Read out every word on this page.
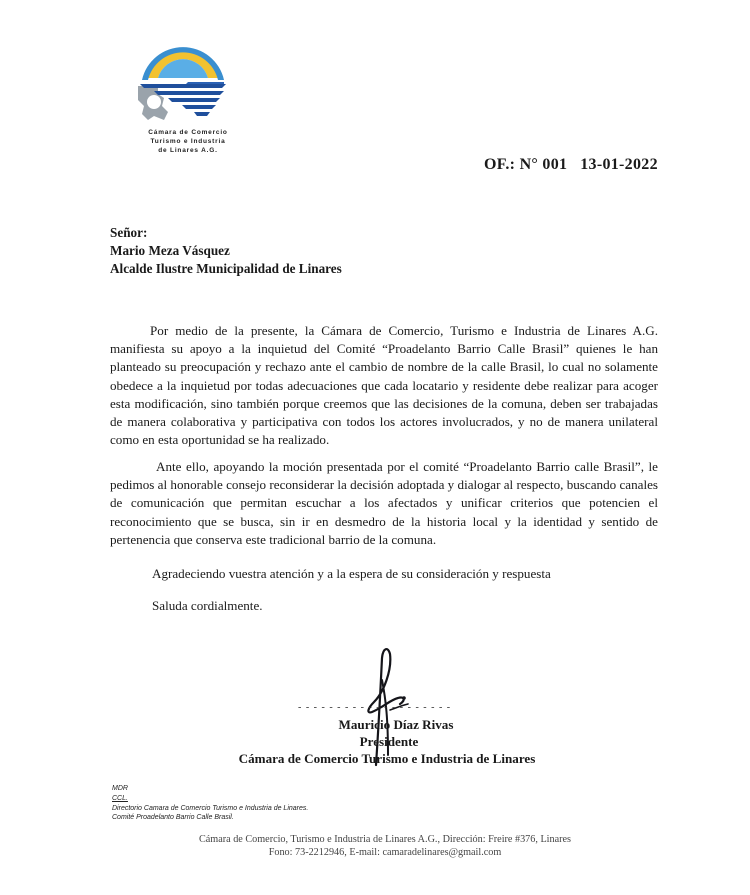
Cámara de Comercio
Turismo e Industria
de Linares A.G.
OF.: N° 001   13-01-2022
Señor:
Mario Meza Vásquez
Alcalde Ilustre Municipalidad de Linares
Por medio de la presente, la Cámara de Comercio, Turismo e Industria de Linares A.G. manifiesta su apoyo a la inquietud del Comité “Proadelanto Barrio Calle Brasil” quienes le han planteado su preocupación y rechazo ante el cambio de nombre de la calle Brasil, lo cual no solamente obedece a la inquietud por todas adecuaciones que cada locatario y residente debe realizar para acoger esta modificación, sino también porque creemos que las decisiones de la comuna, deben ser trabajadas de manera colaborativa y participativa con todos los actores involucrados, y no de manera unilateral como en esta oportunidad se ha realizado.
Ante ello, apoyando la moción presentada por el comité “Proadelanto Barrio calle Brasil”, le pedimos al honorable consejo reconsiderar la decisión adoptada y dialogar al respecto, buscando canales de comunicación que permitan escuchar a los afectados y unificar criterios que potencien el reconocimiento que se busca, sin ir en desmedro de la historia local y la identidad y sentido de pertenencia que conserva este tradicional barrio de la comuna.
Agradeciendo vuestra atención y a la espera de su consideración y respuesta
Saluda cordialmente.
- - - - - - - - - - - - - - - - - - - -
Mauricio Díaz Rivas
Presidente
Cámara de Comercio Turismo e Industria de Linares
MDR
CCL.
Directorio Camara de Comercio Turismo e Industria de Linares.
Comité Proadelanto Barrio Calle Brasil.
Cámara de Comercio, Turismo e Industria de Linares A.G., Dirección: Freire #376, Linares
Fono: 73-2212946, E-mail: camaradelinares@gmail.com
